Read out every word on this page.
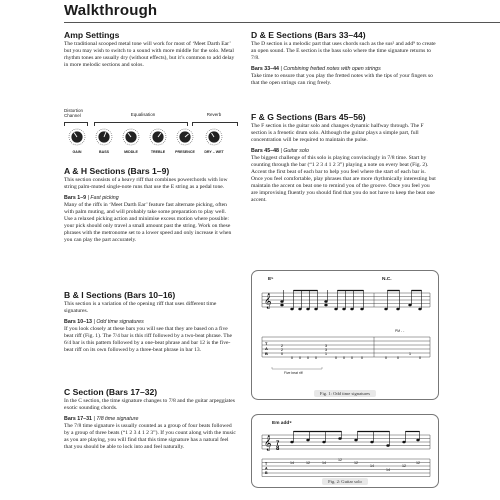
Walkthrough
Amp Settings

The traditional scooped metal tone will work for most of ‘Meet Darth Ear’ but you may wish to switch to a sound with more middle for the solo. Metal rhythm tones are usually dry (without effects), but it’s common to add delay in more melodic sections and solos.

Distortion Channel	Equalisation	Reverb
GAIN	BASS	MIDDLE	TREBLE	PRESENCE	DRY – WET
A & H Sections (Bars 1–9)

This section consists of a heavy riff that combines powerchords with low string palm-muted single-note runs that use the E string as a pedal tone.

Bars 1–9 | Fast picking

Many of the riffs in ‘Meet Darth Ear’ feature fast alternate picking, often with palm muting, and will probably take some preparation to play well. Use a relaxed picking action and minimise excess motion where possible: your pick should only travel a small amount past the string. Work on these phrases with the metronome set to a lower speed and only increase it when you can play the part accurately.

B & I Sections (Bars 10–16)

This section is a variation of the opening riff that uses different time signatures.

Bars 10–13 | Odd time signatures

If you look closely at these bars you will see that they are based on a five beat riff (Fig. 1). The 7/4 bar is this riff followed by a two-beat phrase. The 6/4 bar is this pattern followed by a one-beat phrase and bar 12 is the five-beat riff on its own followed by a three-beat phrase in bar 13.

C Section (Bars 17–32)

In the C section, the time signature changes to 7/8 and the guitar arpeggiates exotic sounding chords.

Bars 17–31 | 7/8 time signature

The 7/8 time signature is usually counted as a group of four beats followed by a group of three beats (“1 2 3 4 1 2 3”). If you count along with the music as you are playing, you will find that this time signature has a natural feel that you should be able to lock into and feel naturally.

D & E Sections (Bars 33–44)

The D section is a melodic part that uses chords such as the sus² and add⁹ to create an open sound. The E section is the bass solo where the time signature returns to 7/8.

Bars 33–44 | Combining fretted notes with open strings

Take time to ensure that you play the fretted notes with the tips of your fingers so that the open strings can ring freely.

F & G Sections (Bars 45–56)

The F section is the guitar solo and changes dynamic halfway through. The F section is a frenetic drum solo. Although the guitar plays a simple part, full concentration will be required to maintain the pulse.

Bars 45–48 | Guitar solo

The biggest challenge of this solo is playing convincingly in 7/8 time. Start by counting through the bar (“1 2 3 4 1 2 3”) playing a note on every beat (Fig. 2). Accent the first beat of each bar to help you feel where the start of each bar is. Once you feel comfortable, play phrases that are more rhythmically interesting but maintain the accent on beat one to remind you of the groove. Once you feel you are improvising fluently you should find that you do not have to keep the beat one accent.

E⁵	N.C.
𝄞
T
A
B
2
2
0
0 0 0 0
3
3
1
0 0 0 0	0 0
1
0
Five beat riff
PM - -
Fig. 1: Odd time signatures
Em add⁹
𝄞
T
A
B
7
8
14	12	14
12
12
14
14
12
12
Fig. 2: Guitar solo
